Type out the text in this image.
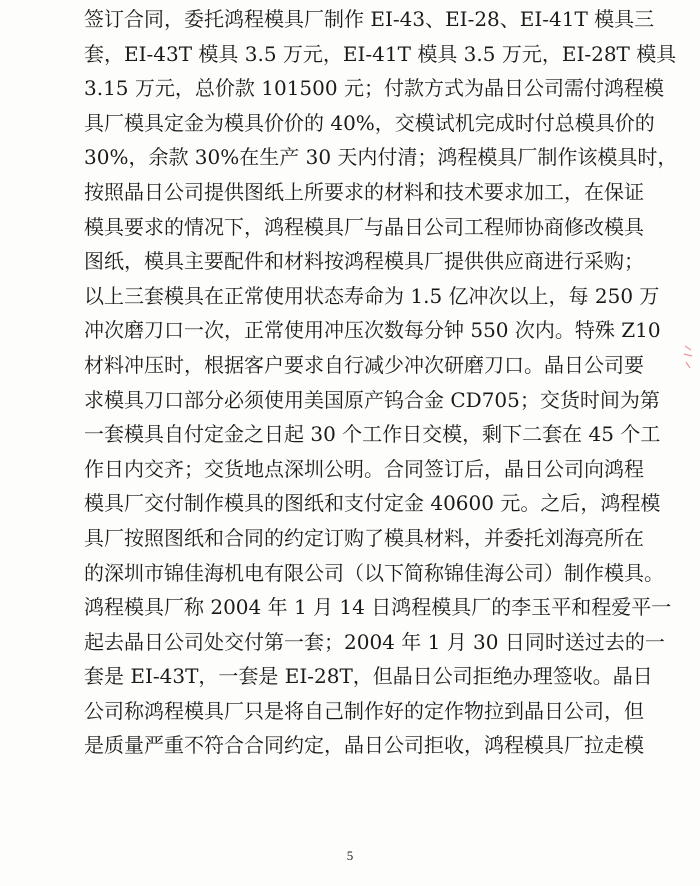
签订合同，委托鸿程模具厂制作 EI-43、EI-28、EI-41T 模具三
套，EI-43T 模具 3.5 万元，EI-41T 模具 3.5 万元，EI-28T 模具
3.15 万元，总价款 101500 元；付款方式为晶日公司需付鸿程模
具厂模具定金为模具价价的 40%，交模试机完成时付总模具价的
30%，余款 30%在生产 30 天内付清；鸿程模具厂制作该模具时，
按照晶日公司提供图纸上所要求的材料和技术要求加工，在保证
模具要求的情况下，鸿程模具厂与晶日公司工程师协商修改模具
图纸，模具主要配件和材料按鸿程模具厂提供供应商进行采购；
以上三套模具在正常使用状态寿命为 1.5 亿冲次以上，每 250 万
冲次磨刀口一次，正常使用冲压次数每分钟 550 次内。特殊 Z10
材料冲压时，根据客户要求自行减少冲次研磨刀口。晶日公司要
求模具刀口部分必须使用美国原产钨合金 CD705；交货时间为第
一套模具自付定金之日起 30 个工作日交模，剩下二套在 45 个工
作日内交齐；交货地点深圳公明。合同签订后，晶日公司向鸿程
模具厂交付制作模具的图纸和支付定金 40600 元。之后，鸿程模
具厂按照图纸和合同的约定订购了模具材料，并委托刘海亮所在
的深圳市锦佳海机电有限公司（以下简称锦佳海公司）制作模具。
鸿程模具厂称 2004 年 1 月 14 日鸿程模具厂的李玉平和程爱平一
起去晶日公司处交付第一套；2004 年 1 月 30 日同时送过去的一
套是 EI-43T，一套是 EI-28T，但晶日公司拒绝办理签收。晶日
公司称鸿程模具厂只是将自己制作好的定作物拉到晶日公司，但
是质量严重不符合合同约定，晶日公司拒收，鸿程模具厂拉走模
5
